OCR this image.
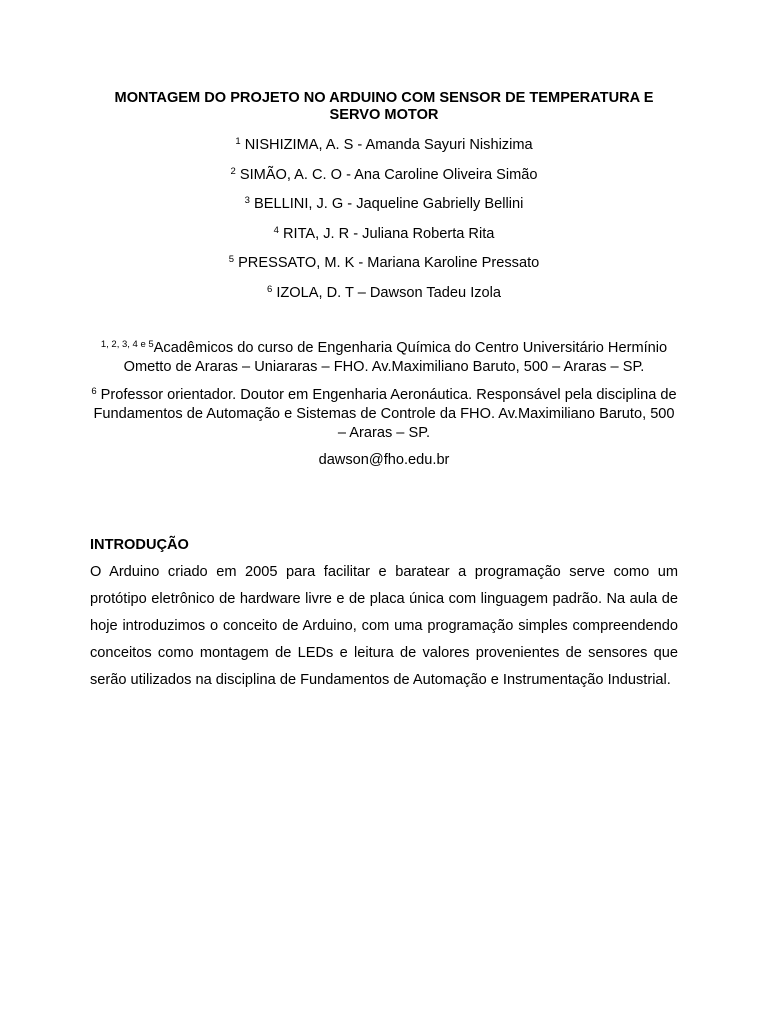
MONTAGEM DO PROJETO NO ARDUINO COM SENSOR DE TEMPERATURA E SERVO MOTOR

$^1$ NISHIZIMA, A. S - Amanda Sayuri Nishizima

$^2$ SIMÃO, A. C. O - Ana Caroline Oliveira Simão

$^3$ BELLINI, J. G - Jaqueline Gabrielly Bellini

$^4$ RITA, J. R - Juliana Roberta Rita

$^5$ PRESSATO, M. K - Mariana Karoline Pressato

$^6$ IZOLA, D. T – Dawson Tadeu Izola

$^{1, 2, 3, 4 e 5}$Acadêmicos do curso de Engenharia Química do Centro Universitário Hermínio Ometto de Araras – Uniararas – FHO. Av.Maximiliano Baruto, 500 – Araras – SP.

$^6$ Professor orientador. Doutor em Engenharia Aeronáutica. Responsável pela disciplina de Fundamentos de Automação e Sistemas de Controle da FHO. Av.Maximiliano Baruto, 500 – Araras – SP.

dawson@fho.edu.br

INTRODUÇÃO

O Arduino criado em 2005 para facilitar e baratear a programação serve como um protótipo eletrônico de hardware livre e de placa única com linguagem padrão. Na aula de hoje introduzimos o conceito de Arduino, com uma programação simples compreendendo conceitos como montagem de LEDs e leitura de valores provenientes de sensores que serão utilizados na disciplina de Fundamentos de Automação e Instrumentação Industrial.
